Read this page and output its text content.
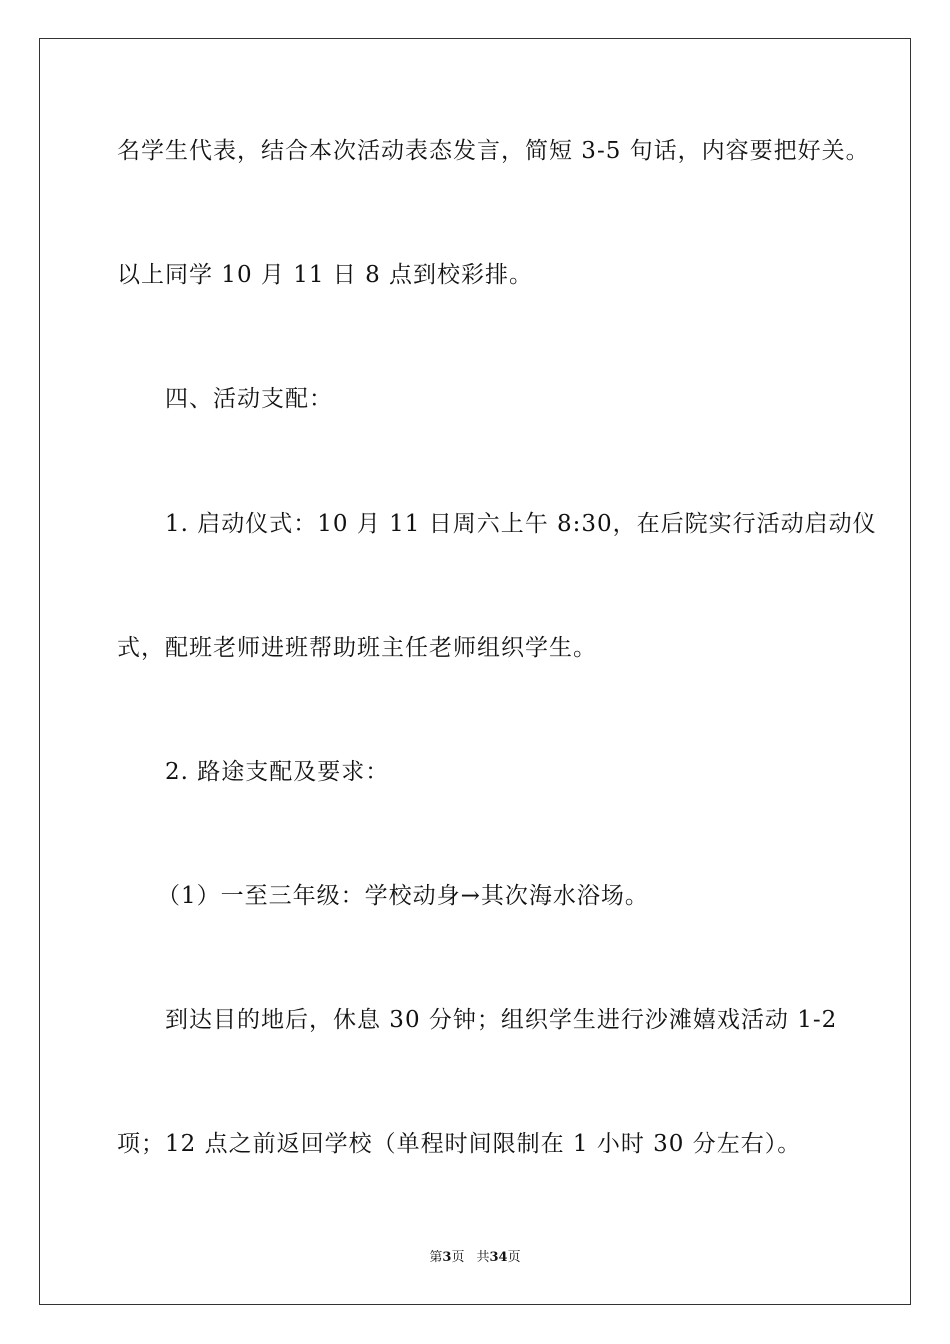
名学生代表，结合本次活动表态发言，简短 3-5 句话，内容要把好关。
以上同学 10 月 11 日 8 点到校彩排。
四、活动支配：
1. 启动仪式：10 月 11 日周六上午 8:30，在后院实行活动启动仪
式，配班老师进班帮助班主任老师组织学生。
2. 路途支配及要求：
（1）一至三年级：学校动身→其次海水浴场。
到达目的地后，休息 30 分钟；组织学生进行沙滩嬉戏活动 1-2
项；12 点之前返回学校（单程时间限制在 1 小时 30 分左右）。
第3页 共34页
